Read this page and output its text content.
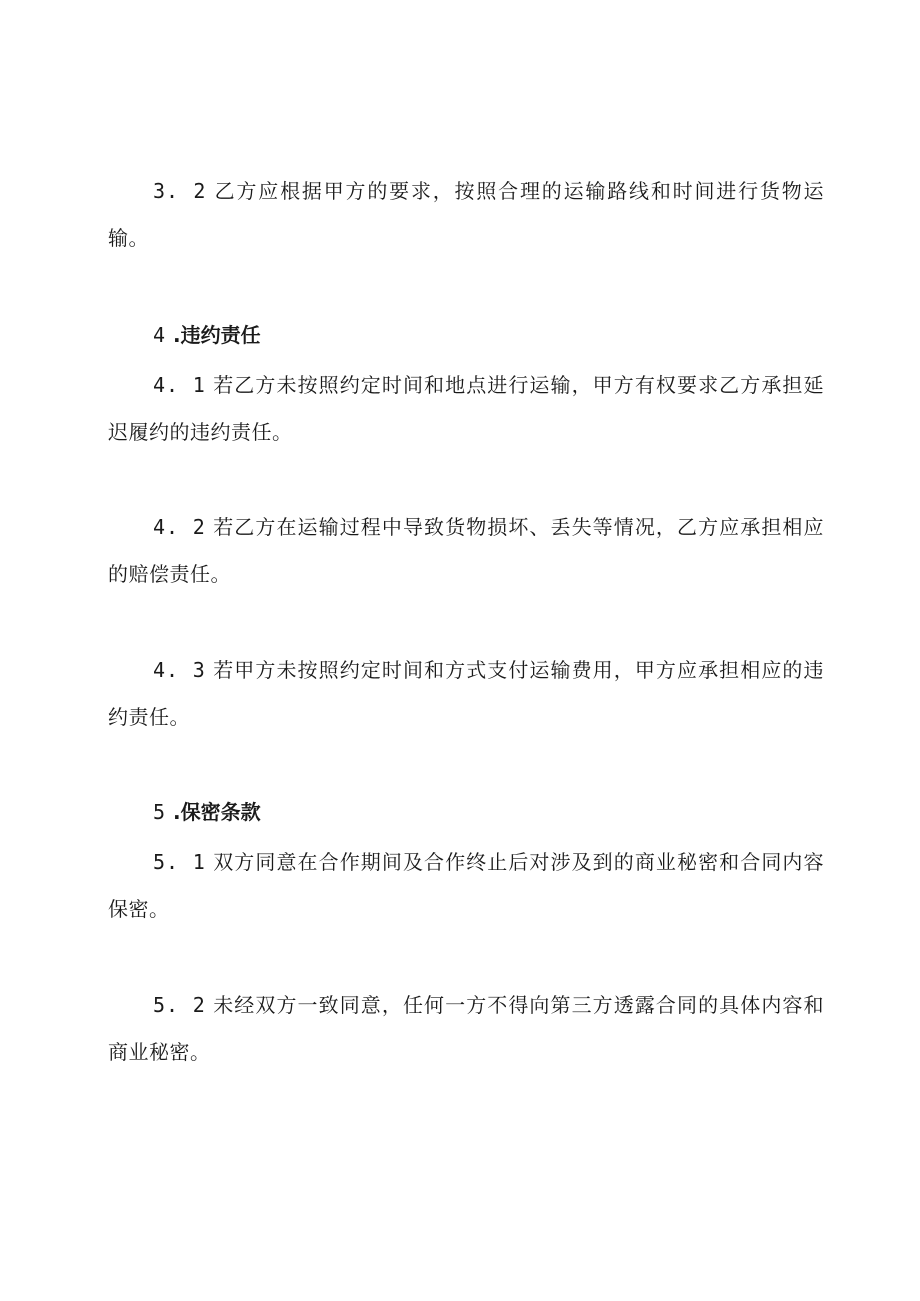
3. 2 乙方应根据甲方的要求，按照合理的运输路线和时间进行货物运输。

4 .违约责任

4. 1 若乙方未按照约定时间和地点进行运输，甲方有权要求乙方承担延迟履约的违约责任。

4. 2 若乙方在运输过程中导致货物损坏、丢失等情况，乙方应承担相应的赔偿责任。

4. 3 若甲方未按照约定时间和方式支付运输费用，甲方应承担相应的违约责任。

5 .保密条款

5. 1 双方同意在合作期间及合作终止后对涉及到的商业秘密和合同内容保密。

5. 2 未经双方一致同意，任何一方不得向第三方透露合同的具体内容和商业秘密。
